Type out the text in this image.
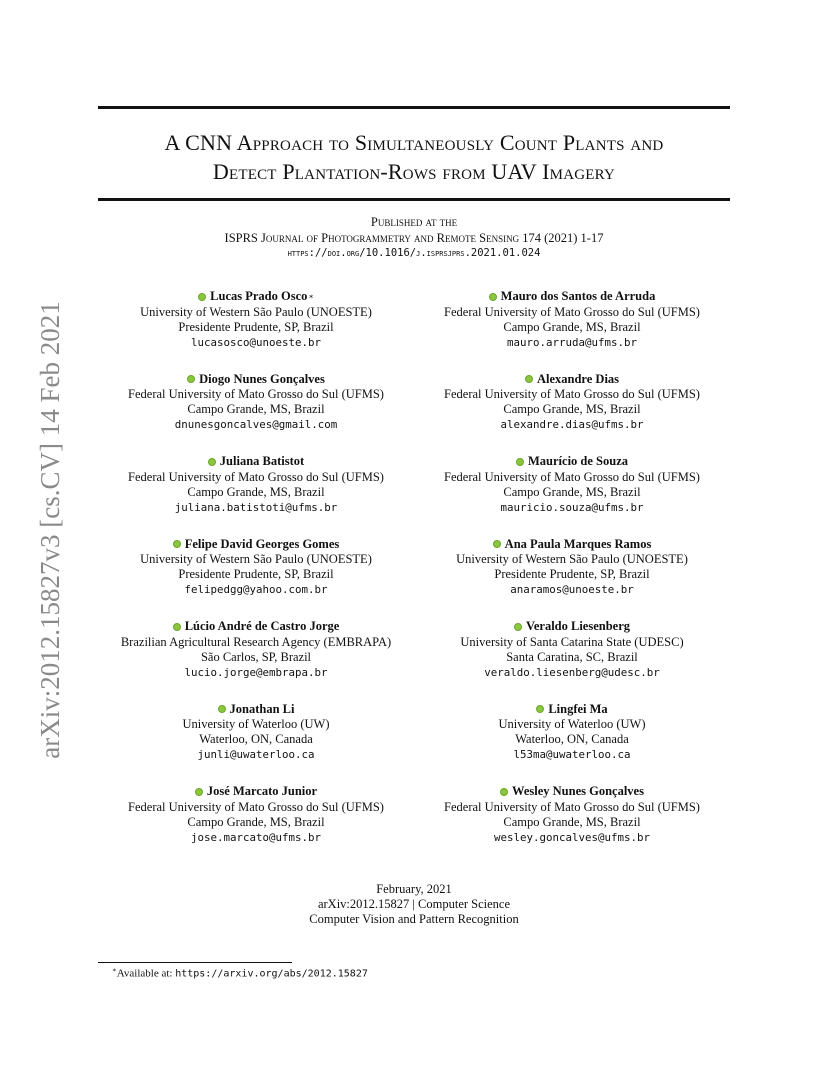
arXiv:2012.15827v3 [cs.CV] 14 Feb 2021
A CNN Approach to Simultaneously Count Plants and
Detect Plantation-Rows from UAV Imagery
Published at the
ISPRS Journal of Photogrammetry and Remote Sensing 174 (2021) 1-17
https://doi.org/10.1016/j.isprsjprs.2021.01.024
Lucas Prado Osco ∗
University of Western São Paulo (UNOESTE)
Presidente Prudente, SP, Brazil
lucasosco@unoeste.br
Mauro dos Santos de Arruda
Federal University of Mato Grosso do Sul (UFMS)
Campo Grande, MS, Brazil
mauro.arruda@ufms.br
Diogo Nunes Gonçalves
Federal University of Mato Grosso do Sul (UFMS)
Campo Grande, MS, Brazil
dnunesgoncalves@gmail.com
Alexandre Dias
Federal University of Mato Grosso do Sul (UFMS)
Campo Grande, MS, Brazil
alexandre.dias@ufms.br
Juliana Batistot
Federal University of Mato Grosso do Sul (UFMS)
Campo Grande, MS, Brazil
juliana.batistoti@ufms.br
Maurício de Souza
Federal University of Mato Grosso do Sul (UFMS)
Campo Grande, MS, Brazil
mauricio.souza@ufms.br
Felipe David Georges Gomes
University of Western São Paulo (UNOESTE)
Presidente Prudente, SP, Brazil
felipedgg@yahoo.com.br
Ana Paula Marques Ramos
University of Western São Paulo (UNOESTE)
Presidente Prudente, SP, Brazil
anaramos@unoeste.br
Lúcio André de Castro Jorge
Brazilian Agricultural Research Agency (EMBRAPA)
São Carlos, SP, Brazil
lucio.jorge@embrapa.br
Veraldo Liesenberg
University of Santa Catarina State (UDESC)
Santa Caratina, SC, Brazil
veraldo.liesenberg@udesc.br
Jonathan Li
University of Waterloo (UW)
Waterloo, ON, Canada
junli@uwaterloo.ca
Lingfei Ma
University of Waterloo (UW)
Waterloo, ON, Canada
l53ma@uwaterloo.ca
José Marcato Junior
Federal University of Mato Grosso do Sul (UFMS)
Campo Grande, MS, Brazil
jose.marcato@ufms.br
Wesley Nunes Gonçalves
Federal University of Mato Grosso do Sul (UFMS)
Campo Grande, MS, Brazil
wesley.goncalves@ufms.br
February, 2021
arXiv:2012.15827 | Computer Science
Computer Vision and Pattern Recognition
∗Available at: https://arxiv.org/abs/2012.15827
